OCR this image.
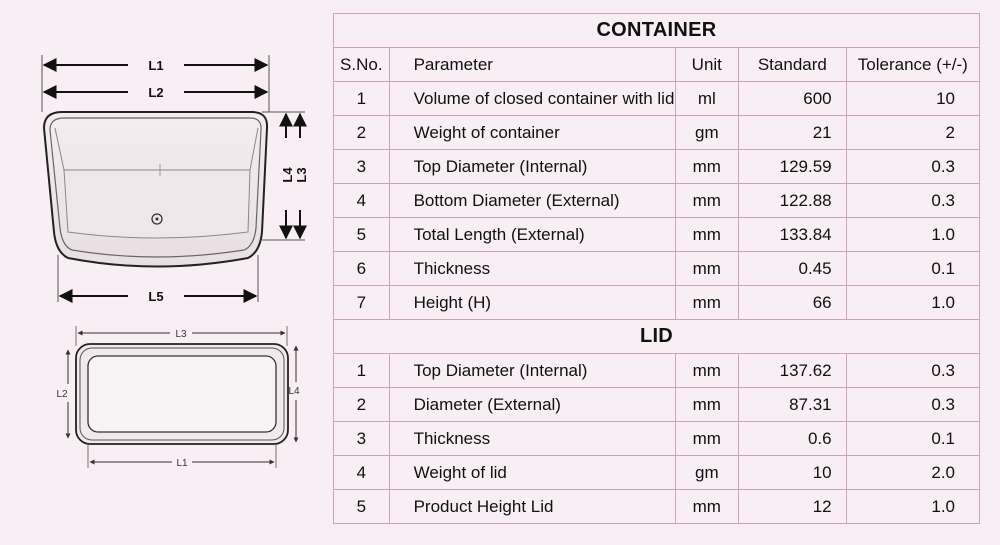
L1
L2
L4 L3
L5
L3
L2	L4
L1
CONTAINER				
S.No.	Parameter	Unit	Standard	Tolerance (+/-)
1	Volume of closed container with lid	ml	600	10
2	Weight of container	gm	21	2
3	Top Diameter (Internal)	mm	129.59	0.3
4	Bottom Diameter (External)	mm	122.88	0.3
5	Total Length (External)	mm	133.84	1.0
6	Thickness	mm	0.45	0.1
7	Height (H)	mm	66	1.0
LID				
1	Top Diameter (Internal)	mm	137.62	0.3
2	Diameter (External)	mm	87.31	0.3
3	Thickness	mm	0.6	0.1
4	Weight of lid	gm	10	2.0
5	Product Height Lid	mm	12	1.0
